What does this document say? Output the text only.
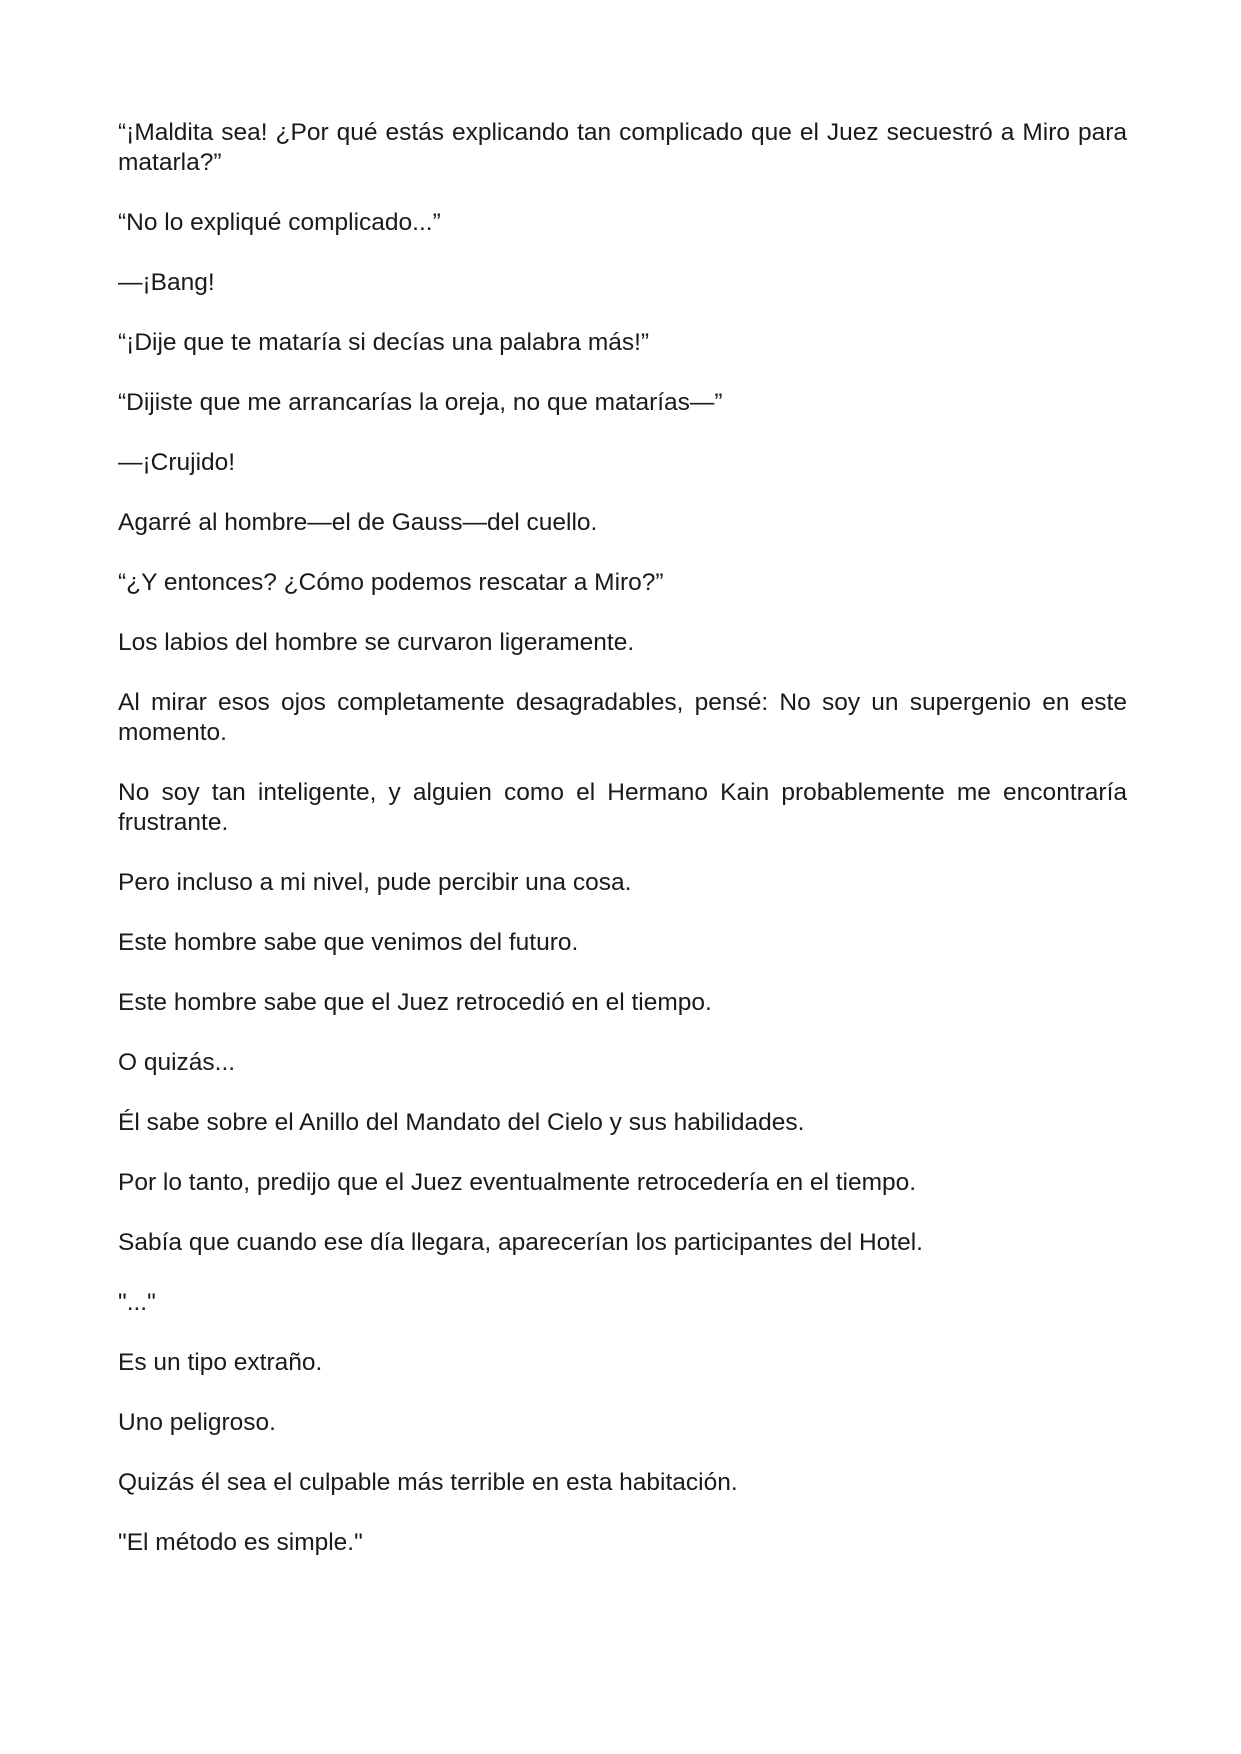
“¡Maldita sea! ¿Por qué estás explicando tan complicado que el Juez secuestró a Miro para matarla?”

“No lo expliqué complicado...”

—¡Bang!

“¡Dije que te mataría si decías una palabra más!”

“Dijiste que me arrancarías la oreja, no que matarías—”

—¡Crujido!

Agarré al hombre—el de Gauss—del cuello.

“¿Y entonces? ¿Cómo podemos rescatar a Miro?”

Los labios del hombre se curvaron ligeramente.

Al mirar esos ojos completamente desagradables, pensé: No soy un supergenio en este momento.

No soy tan inteligente, y alguien como el Hermano Kain probablemente me encontraría frustrante.

Pero incluso a mi nivel, pude percibir una cosa.

Este hombre sabe que venimos del futuro.

Este hombre sabe que el Juez retrocedió en el tiempo.

O quizás...

Él sabe sobre el Anillo del Mandato del Cielo y sus habilidades.

Por lo tanto, predijo que el Juez eventualmente retrocedería en el tiempo.

Sabía que cuando ese día llegara, aparecerían los participantes del Hotel.

"..."

Es un tipo extraño.

Uno peligroso.

Quizás él sea el culpable más terrible en esta habitación.

"El método es simple."
